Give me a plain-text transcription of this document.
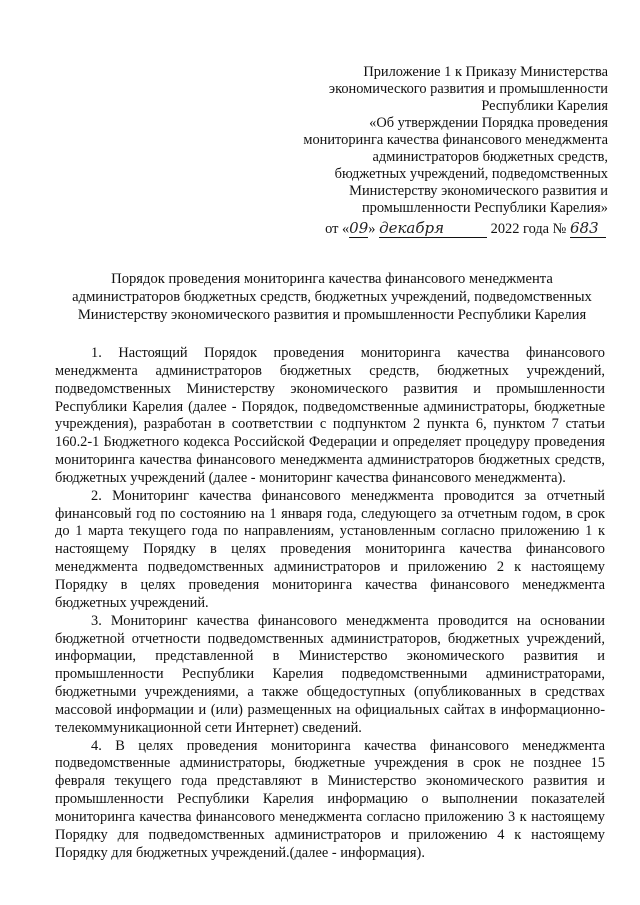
Приложение 1 к Приказу Министерства
экономического развития и промышленности
Республики Карелия
«Об утверждении Порядка проведения
мониторинга качества финансового менеджмента
администраторов бюджетных средств,
бюджетных учреждений, подведомственных
Министерству экономического развития и
промышленности Республики Карелия»
от «09» декабря	2022 года № 683
Порядок проведения мониторинга качества финансового менеджмента
администраторов бюджетных средств, бюджетных учреждений, подведомственных
Министерству экономического развития и промышленности Республики Карелия

1. Настоящий Порядок проведения мониторинга качества финансового менеджмента администраторов бюджетных средств, бюджетных учреждений, подведомственных Министерству экономического развития и промышленности Республики Карелия (далее - Порядок, подведомственные администраторы, бюджетные учреждения), разработан в соответствии с подпунктом 2 пункта 6, пунктом 7 статьи 160.2-1 Бюджетного кодекса Российской Федерации и определяет процедуру проведения мониторинга качества финансового менеджмента администраторов бюджетных средств, бюджетных учреждений (далее - мониторинг качества финансового менеджмента).

2. Мониторинг качества финансового менеджмента проводится за отчетный финансовый год по состоянию на 1 января года, следующего за отчетным годом, в срок до 1 марта текущего года по направлениям, установленным согласно приложению 1 к настоящему Порядку в целях проведения мониторинга качества финансового менеджмента подведомственных администраторов и приложению 2 к настоящему Порядку в целях проведения мониторинга качества финансового менеджмента бюджетных учреждений.

3. Мониторинг качества финансового менеджмента проводится на основании бюджетной отчетности подведомственных администраторов, бюджетных учреждений, информации, представленной в Министерство экономического развития и промышленности Республики Карелия подведомственными администраторами, бюджетными учреждениями, а также общедоступных (опубликованных в средствах массовой информации и (или) размещенных на официальных сайтах в информационно-телекоммуникационной сети Интернет) сведений.

4. В целях проведения мониторинга качества финансового менеджмента подведомственные администраторы, бюджетные учреждения в срок не позднее 15 февраля текущего года представляют в Министерство экономического развития и промышленности Республики Карелия информацию о выполнении показателей мониторинга качества финансового менеджмента согласно приложению 3 к настоящему Порядку для подведомственных администраторов и приложению 4 к настоящему Порядку для бюджетных учреждений.(далее - информация).
